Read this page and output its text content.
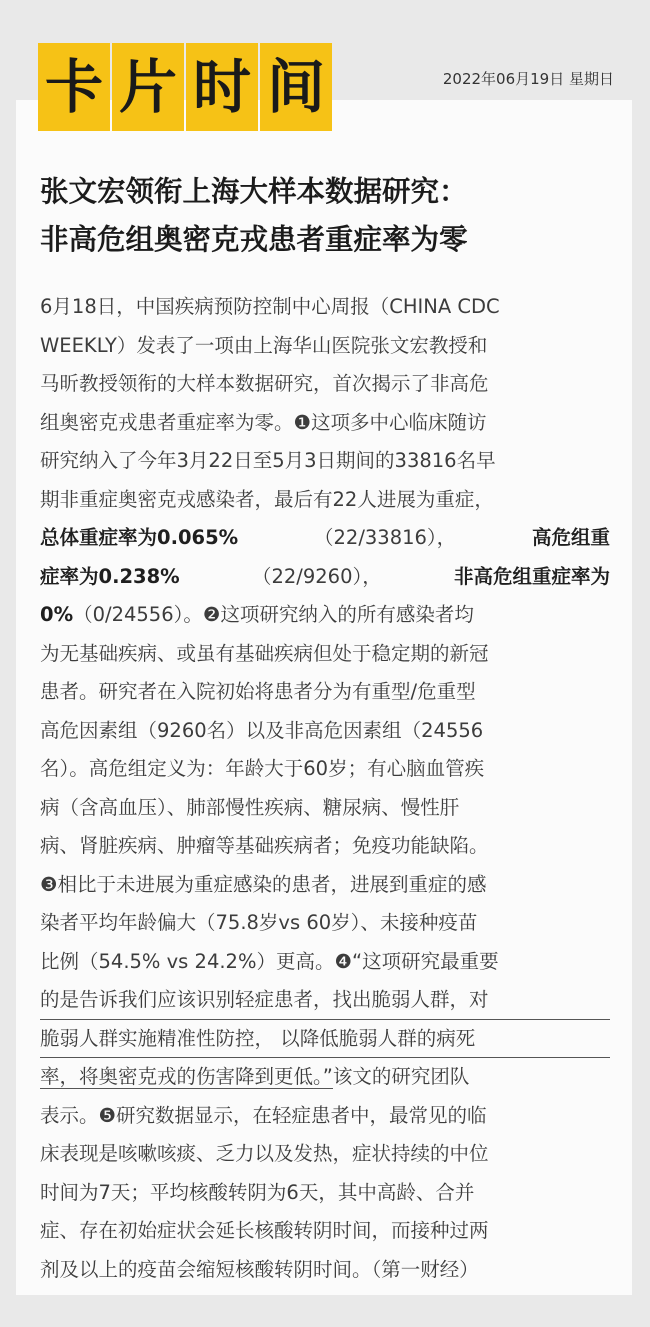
卡 片 时 间	2022年06月19日 星期日
张文宏领衔上海大样本数据研究：
非高危组奥密克戎患者重症率为零
6月18日，中国疾病预防控制中心周报（CHINA CDC
WEEKLY）发表了一项由上海华山医院张文宏教授和
马昕教授领衔的大样本数据研究，首次揭示了非高危
组奥密克戎患者重症率为零。❶这项多中心临床随访
研究纳入了今年3月22日至5月3日期间的33816名早
期非重症奥密克戎感染者，最后有22人进展为重症，
总体重症率为0.065%	（22/33816），	高危组重
症率为0.238%	（22/9260），	非高危组重症率为
0%（0/24556）。❷这项研究纳入的所有感染者均
为无基础疾病、或虽有基础疾病但处于稳定期的新冠
患者。研究者在入院初始将患者分为有重型/危重型
高危因素组（9260名）以及非高危因素组（24556
名）。高危组定义为：年龄大于60岁；有心脑血管疾
病（含高血压）、肺部慢性疾病、糖尿病、慢性肝
病、肾脏疾病、肿瘤等基础疾病者；免疫功能缺陷。
❸相比于未进展为重症感染的患者，进展到重症的感
染者平均年龄偏大（75.8岁vs 60岁）、未接种疫苗
比例（54.5% vs 24.2%）更高。❹“这项研究最重要
的是告诉我们应该识别轻症患者，找出脆弱人群，对
脆弱人群实施精准性防控， 以降低脆弱人群的病死
率，将奥密克戎的伤害降到更低。”该文的研究团队
表示。❺研究数据显示，在轻症患者中，最常见的临
床表现是咳嗽咳痰、乏力以及发热，症状持续的中位
时间为7天；平均核酸转阴为6天，其中高龄、合并
症、存在初始症状会延长核酸转阴时间，而接种过两
剂及以上的疫苗会缩短核酸转阴时间。（第一财经）
